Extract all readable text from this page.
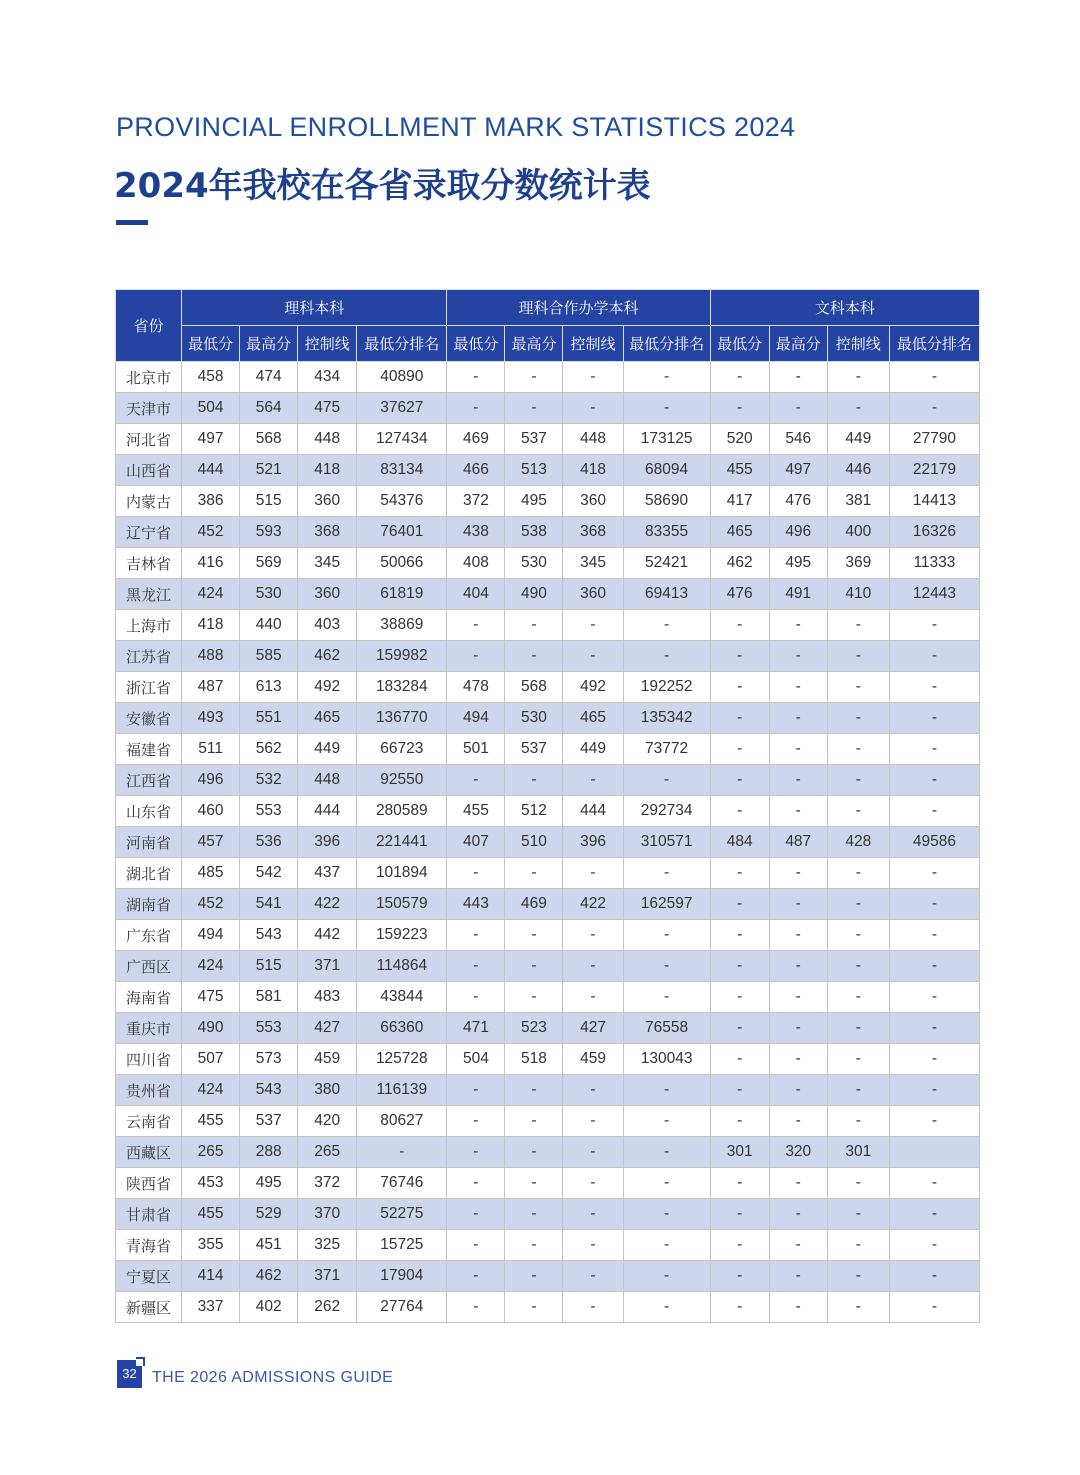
PROVINCIAL ENROLLMENT MARK STATISTICS 2024
2024年我校在各省录取分数统计表
省份	理科本科				理科合作办学本科				文科本科			
	最低分	最高分	控制线	最低分排名	最低分	最高分	控制线	最低分排名	最低分	最高分	控制线	最低分排名
北京市	458	474	434	40890	-	-	-	-	-	-	-	-
天津市	504	564	475	37627	-	-	-	-	-	-	-	-
河北省	497	568	448	127434	469	537	448	173125	520	546	449	27790
山西省	444	521	418	83134	466	513	418	68094	455	497	446	22179
内蒙古	386	515	360	54376	372	495	360	58690	417	476	381	14413
辽宁省	452	593	368	76401	438	538	368	83355	465	496	400	16326
吉林省	416	569	345	50066	408	530	345	52421	462	495	369	11333
黑龙江	424	530	360	61819	404	490	360	69413	476	491	410	12443
上海市	418	440	403	38869	-	-	-	-	-	-	-	-
江苏省	488	585	462	159982	-	-	-	-	-	-	-	-
浙江省	487	613	492	183284	478	568	492	192252	-	-	-	-
安徽省	493	551	465	136770	494	530	465	135342	-	-	-	-
福建省	511	562	449	66723	501	537	449	73772	-	-	-	-
江西省	496	532	448	92550	-	-	-	-	-	-	-	-
山东省	460	553	444	280589	455	512	444	292734	-	-	-	-
河南省	457	536	396	221441	407	510	396	310571	484	487	428	49586
湖北省	485	542	437	101894	-	-	-	-	-	-	-	-
湖南省	452	541	422	150579	443	469	422	162597	-	-	-	-
广东省	494	543	442	159223	-	-	-	-	-	-	-	-
广西区	424	515	371	114864	-	-	-	-	-	-	-	-
海南省	475	581	483	43844	-	-	-	-	-	-	-	-
重庆市	490	553	427	66360	471	523	427	76558	-	-	-	-
四川省	507	573	459	125728	504	518	459	130043	-	-	-	-
贵州省	424	543	380	116139	-	-	-	-	-	-	-	-
云南省	455	537	420	80627	-	-	-	-	-	-	-	-
西藏区	265	288	265	-	-	-	-	-	301	320	301	
陕西省	453	495	372	76746	-	-	-	-	-	-	-	-
甘肃省	455	529	370	52275	-	-	-	-	-	-	-	-
青海省	355	451	325	15725	-	-	-	-	-	-	-	-
宁夏区	414	462	371	17904	-	-	-	-	-	-	-	-
新疆区	337	402	262	27764	-	-	-	-	-	-	-	-
32 THE 2026 ADMISSIONS GUIDE
